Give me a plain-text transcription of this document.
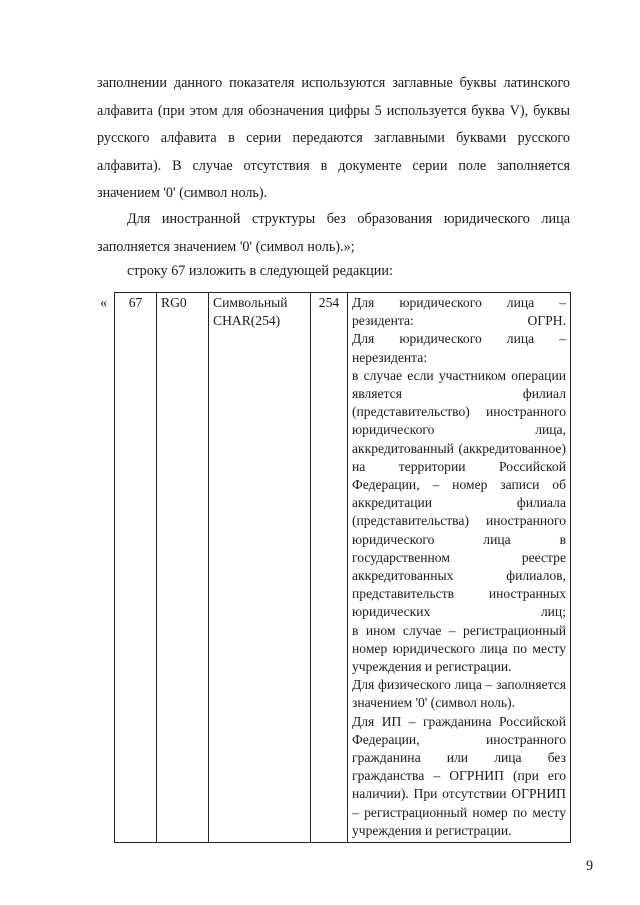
заполнении данного показателя используются заглавные буквы латинского алфавита (при этом для обозначения цифры 5 используется буква V), буквы русского алфавита в серии передаются заглавными буквами русского алфавита). В случае отсутствия в документе серии поле заполняется значением '0' (символ ноль).

Для иностранной структуры без образования юридического лица заполняется значением '0' (символ ноль).»;

строку 67 изложить в следующей редакции:

« 67	RG0	Символьный CHAR(254)	254	Для юридического лица – резидента: ОГРН.

Для юридического лица – нерезидента:

в случае если участником операции является филиал (представительство) иностранного юридического лица, аккредитованный (аккредитованное) на территории Российской Федерации, – номер записи об аккредитации филиала (представительства) иностранного юридического лица в государственном реестре аккредитованных филиалов, представительств иностранных юридических лиц;

в ином случае – регистрационный номер юридического лица по месту учреждения и регистрации.

Для физического лица – заполняется значением '0' (символ ноль).

Для ИП – гражданина Российской Федерации, иностранного гражданина или лица без гражданства – ОГРНИП (при его наличии). При отсутствии ОГРНИП – регистрационный номер по месту учреждения и регистрации.

9
